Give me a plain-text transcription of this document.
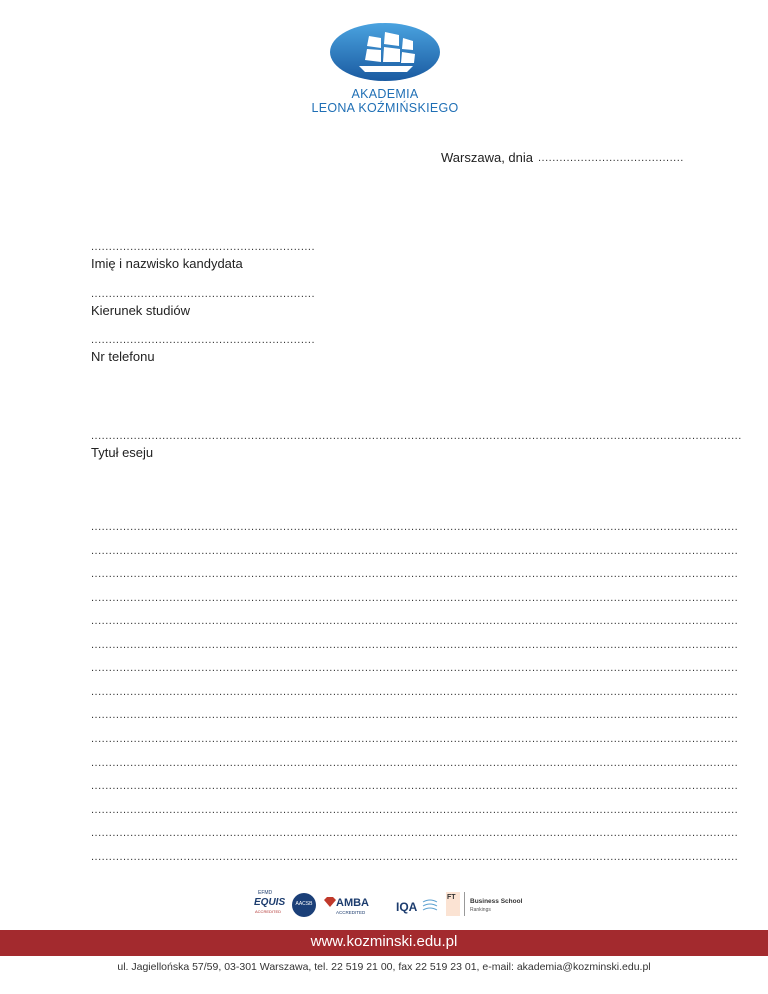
AKADEMIA
LEONA KOŹMIŃSKIEGO
Warszawa, dnia .........................................
...............................................................
Imię i nazwisko kandydata
...............................................................
Kierunek studiów
...............................................................
Nr telefonu
.......................................................................................................................................................................................
Tytuł eseju
......................................................................................................................................................................................
......................................................................................................................................................................................
......................................................................................................................................................................................
......................................................................................................................................................................................
......................................................................................................................................................................................
......................................................................................................................................................................................
......................................................................................................................................................................................
......................................................................................................................................................................................
......................................................................................................................................................................................
......................................................................................................................................................................................
......................................................................................................................................................................................
......................................................................................................................................................................................
......................................................................................................................................................................................
......................................................................................................................................................................................
......................................................................................................................................................................................
EFMD
EQUIS
ACCREDITED
AACSB	AMBA
ACCREDITED	IQA
FT
Business School
Rankings
www.kozminski.edu.pl
ul. Jagiellońska 57/59, 03-301 Warszawa, tel. 22 519 21 00, fax 22 519 23 01, e-mail: akademia@kozminski.edu.pl
